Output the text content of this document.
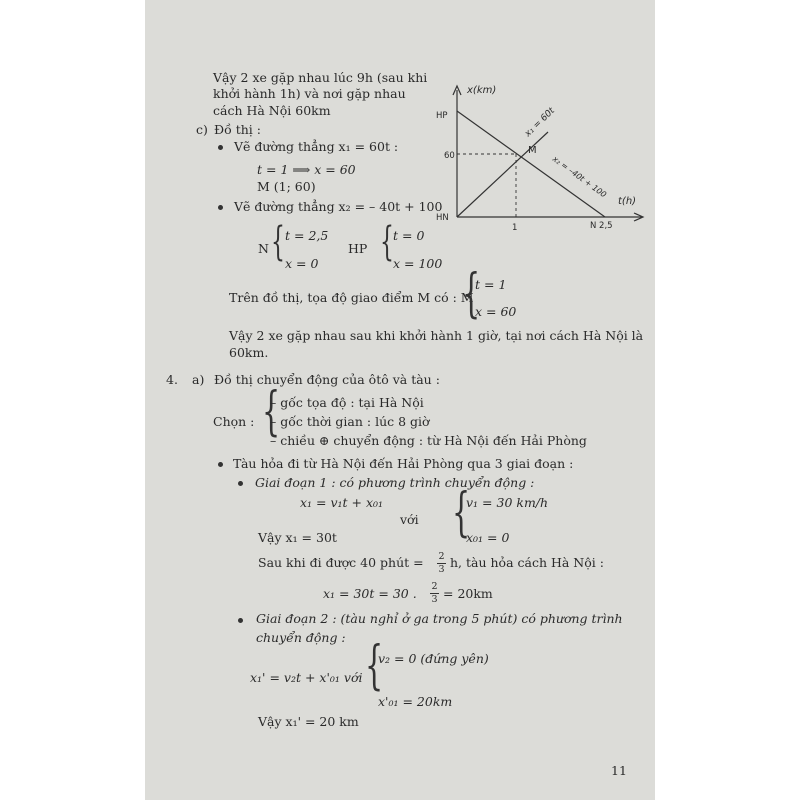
Vậy 2 xe gặp nhau lúc 9h (sau khi
khởi hành 1h) và nơi gặp nhau
cách Hà Nội 60km
c) Đồ thị :
Vẽ đường thẳng x₁ = 60t :
t = 1 ⟹ x = 60
M (1; 60)
Vẽ đường thẳng x₂ = – 40t + 100
N { t = 2,5
x = 0
HP { t = 0
x = 100
Trên đồ thị, tọa độ giao điểm M có : M
{
t = 1
x = 60
Vậy 2 xe gặp nhau sau khi khởi hành 1 giờ, tại nơi cách Hà Nội là
60km.
x(km)
t(h)
HP
HN
60
1	N 2,5
M
x₁ = 60t
x₂ = –40t + 100
4. a) Đồ thị chuyển động của ôtô và tàu :
Chọn : {
– gốc tọa độ : tại Hà Nội
– gốc thời gian : lúc 8 giờ
– chiều ⊕ chuyển động : từ Hà Nội đến Hải Phòng
Tàu hỏa đi từ Hà Nội đến Hải Phòng qua 3 giai đoạn :
Giai đoạn 1 : có phương trình chuyển động :
x₁ = v₁t + x₀₁
với {
v₁ = 30 km/h
x₀₁ = 0
Vậy x₁ = 30t
Sau khi đi được 40 phút = 2
3 h, tàu hỏa cách Hà Nội :
x₁ = 30t = 30 . 2
3 = 20km
Giai đoạn 2 : (tàu nghỉ ở ga trong 5 phút) có phương trình
chuyển động :
x₁' = v₂t + x'₀₁ với {
v₂ = 0 (đứng yên)
x'₀₁ = 20km
Vậy x₁' = 20 km
11
